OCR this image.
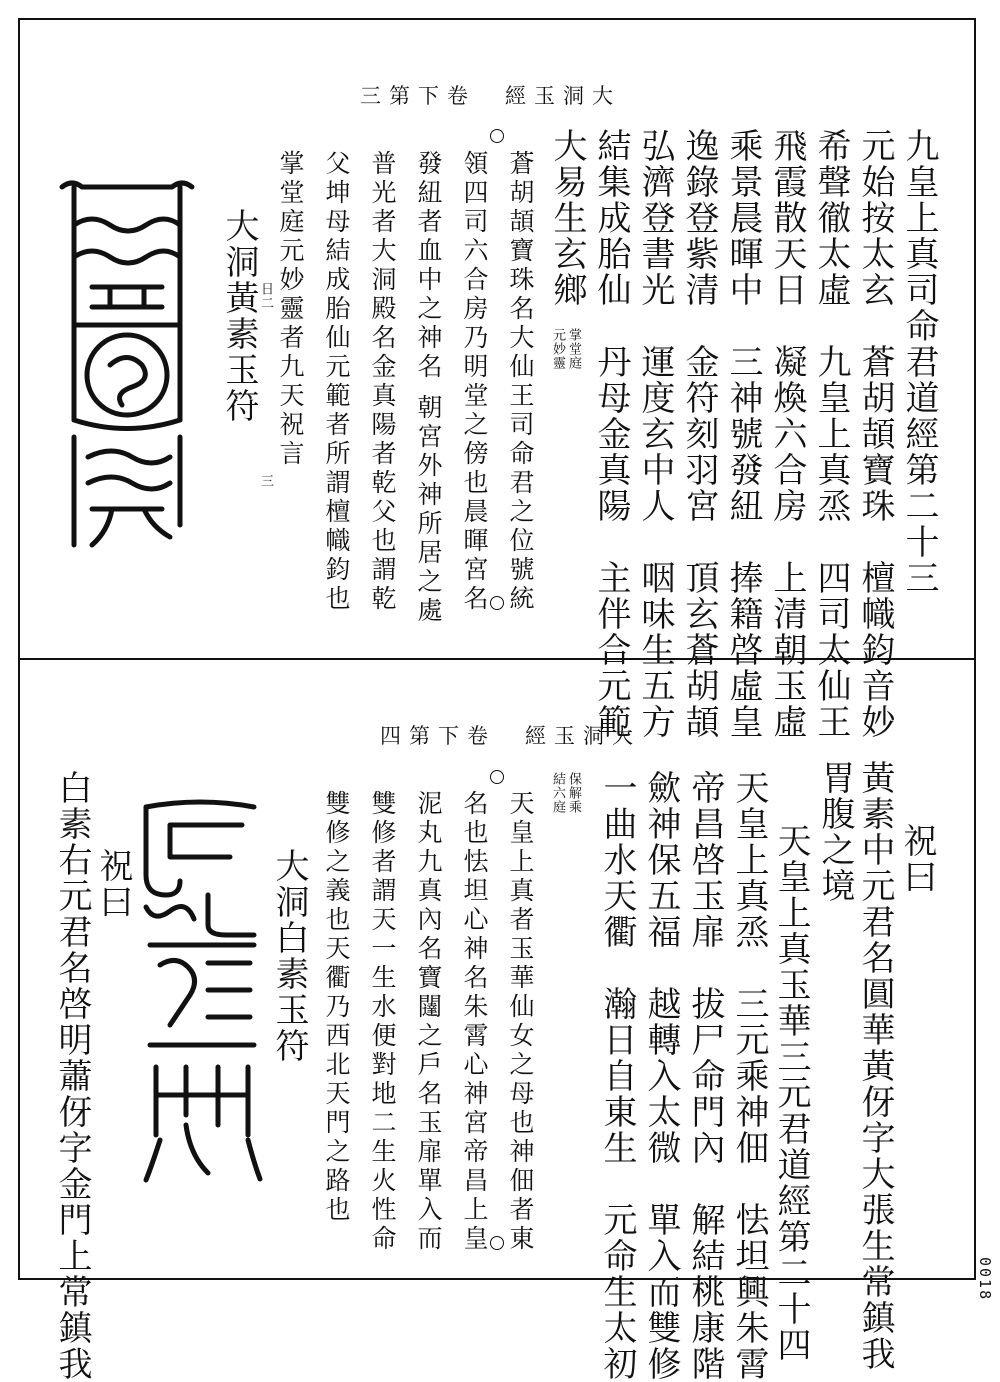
三第下卷　經玉洞大
九皇上真司命君道經第二十三
元始按太玄　蒼胡頡寶珠　檀幟鈞音妙
希聲徹太虛　九皇上真烝　四司太仙王
飛霞散天日　凝煥六合房　上清朝玉虛
乘景晨暉中　三神號發紐　捧籍啓虛皇
逸錄登紫清　金符刻羽宮　頂玄蒼胡頡
弘濟登書光　運度玄中人　咽味生五方
結集成胎仙　丹母金真陽　主伴合元範
大易生玄鄉
掌堂庭
元妙靈
蒼胡頡寶珠名大仙王司命君之位號統
領四司六合房乃明堂之傍也晨暉宮名
發紐者血中之神名 朝宮外神所居之處
普光者大洞殿名金真陽者乾父也謂乾
父坤母結成胎仙元範者所謂檀幟鈞也
掌堂庭元妙靈者九天祝言
大洞黃素玉符 日二
三
四第下卷　經玉洞大
祝曰
黃素中元君名圓華黃伢字大張生常鎮我
胃腹之境
天皇上真玉華三元君道經第二十四
天皇上真烝　三元乘神佃　怯坦興朱霄
帝昌啓玉扉　拔尸命門內　解結桃康階
歛神保五福　越轉入太微　單入而雙修
一曲水天衢　瀚日自東生　元命生太初
保解乘
結六庭
天皇上真者玉華仙女之母也神佃者東
名也怯坦心神名朱霄心神宮帝昌上皇
泥丸九真內名寶闥之戶名玉扉單入而
雙修者謂天一生水便對地二生火性命
雙修之義也天衢乃西北天門之路也
大洞白素玉符
祝曰
白素右元君名啓明蕭伢字金門上常鎮我	0018
